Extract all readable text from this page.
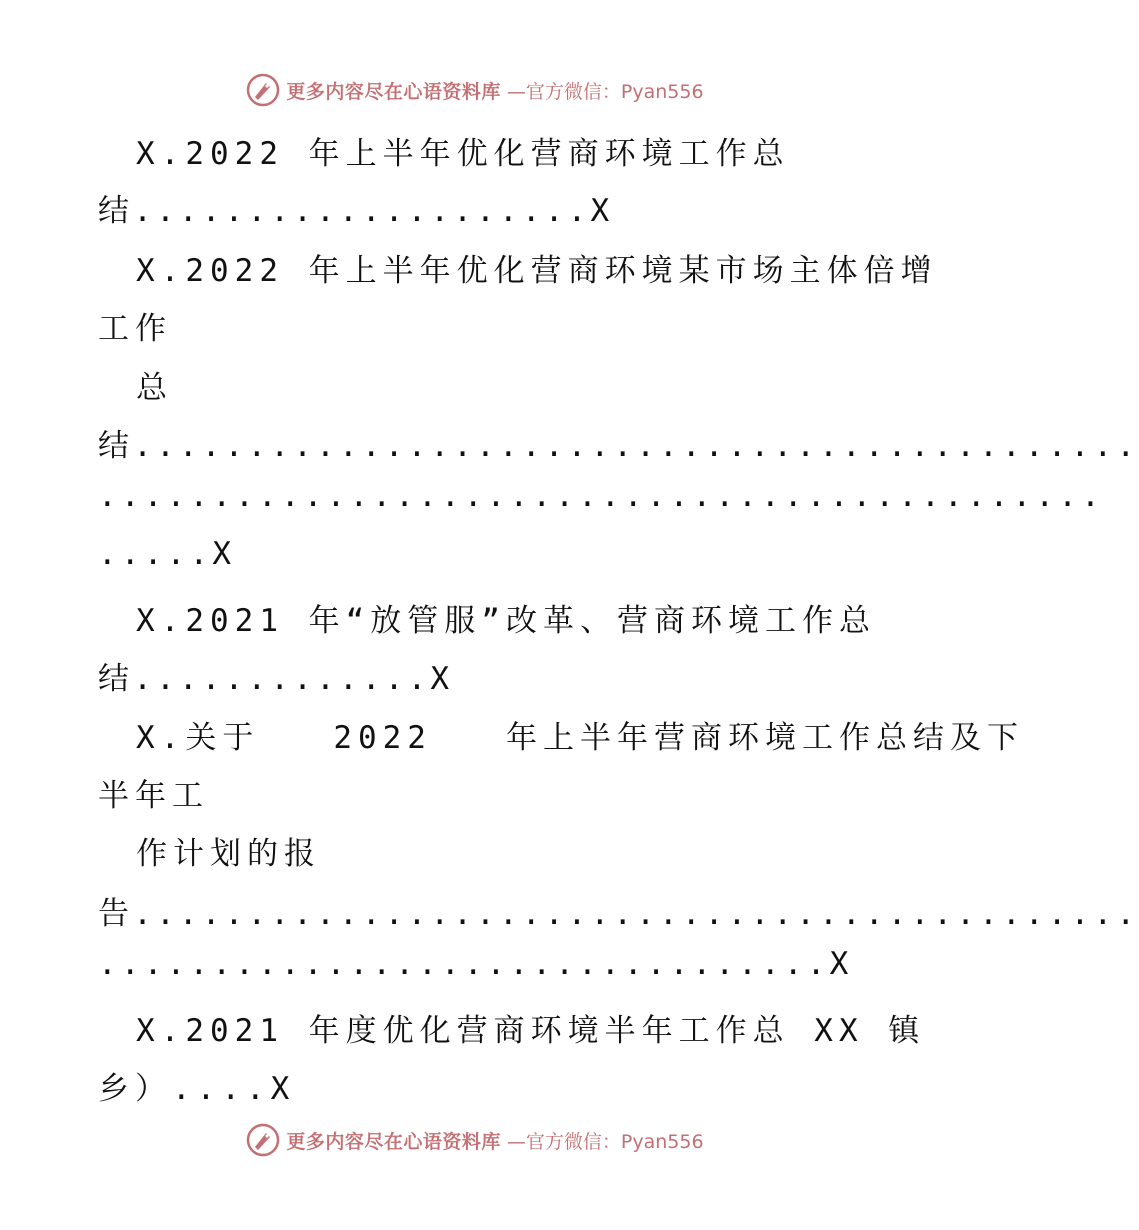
更多内容尽在心语资料库 —官方微信：Pyan556
X.2022 年上半年优化营商环境工作总
结....................X
X.2022 年上半年优化营商环境某市场主体倍增
工作
总
结............................................
............................................
.....X
X.2021 年“放管服”改革、营商环境工作总
结.............X
X.关于   2022   年上半年营商环境工作总结及下
半年工
作计划的报
告............................................
................................X
X.2021 年度优化营商环境半年工作总 XX 镇
乡）....X
更多内容尽在心语资料库 —官方微信：Pyan556
